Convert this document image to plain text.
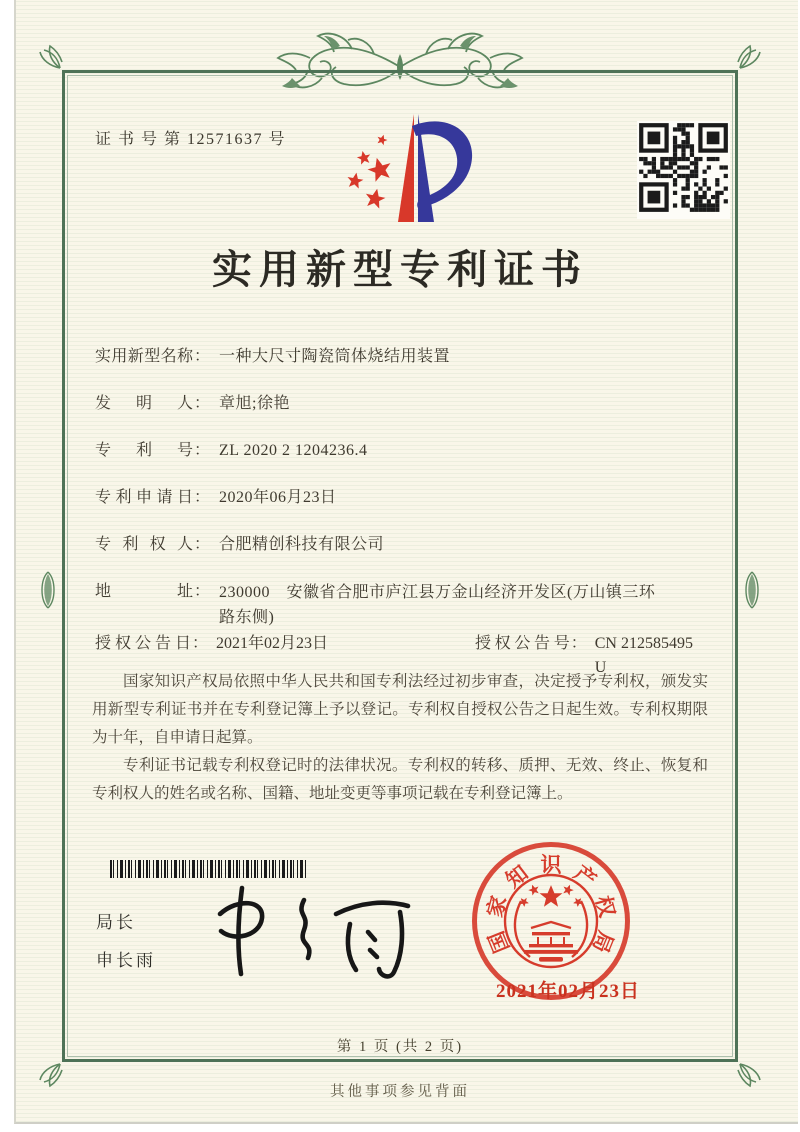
证 书 号 第 12571637 号
实用新型专利证书
实用新型名称 ： 一种大尺寸陶瓷筒体烧结用装置
发明人 ： 章旭;徐艳
专利号 ： ZL 2020 2 1204236.4
专利申请日 ： 2020年06月23日
专利权人 ： 合肥精创科技有限公司
地址 ： 230000　安徽省合肥市庐江县万金山经济开发区(万山镇三环路东侧)
授权公告日 ： 2021年02月23日	授权公告号 ： CN 212585495 U

国家知识产权局依照中华人民共和国专利法经过初步审查，决定授予专利权，颁发实用新型专利证书并在专利登记簿上予以登记。专利权自授权公告之日起生效。专利权期限为十年，自申请日起算。

专利证书记载专利权登记时的法律状况。专利权的转移、质押、无效、终止、恢复和专利权人的姓名或名称、国籍、地址变更等事项记载在专利登记簿上。

局长
申长雨
国
家
知 识 产
权
局
2021年02月23日
第 1 页 (共 2 页)
其他事项参见背面
